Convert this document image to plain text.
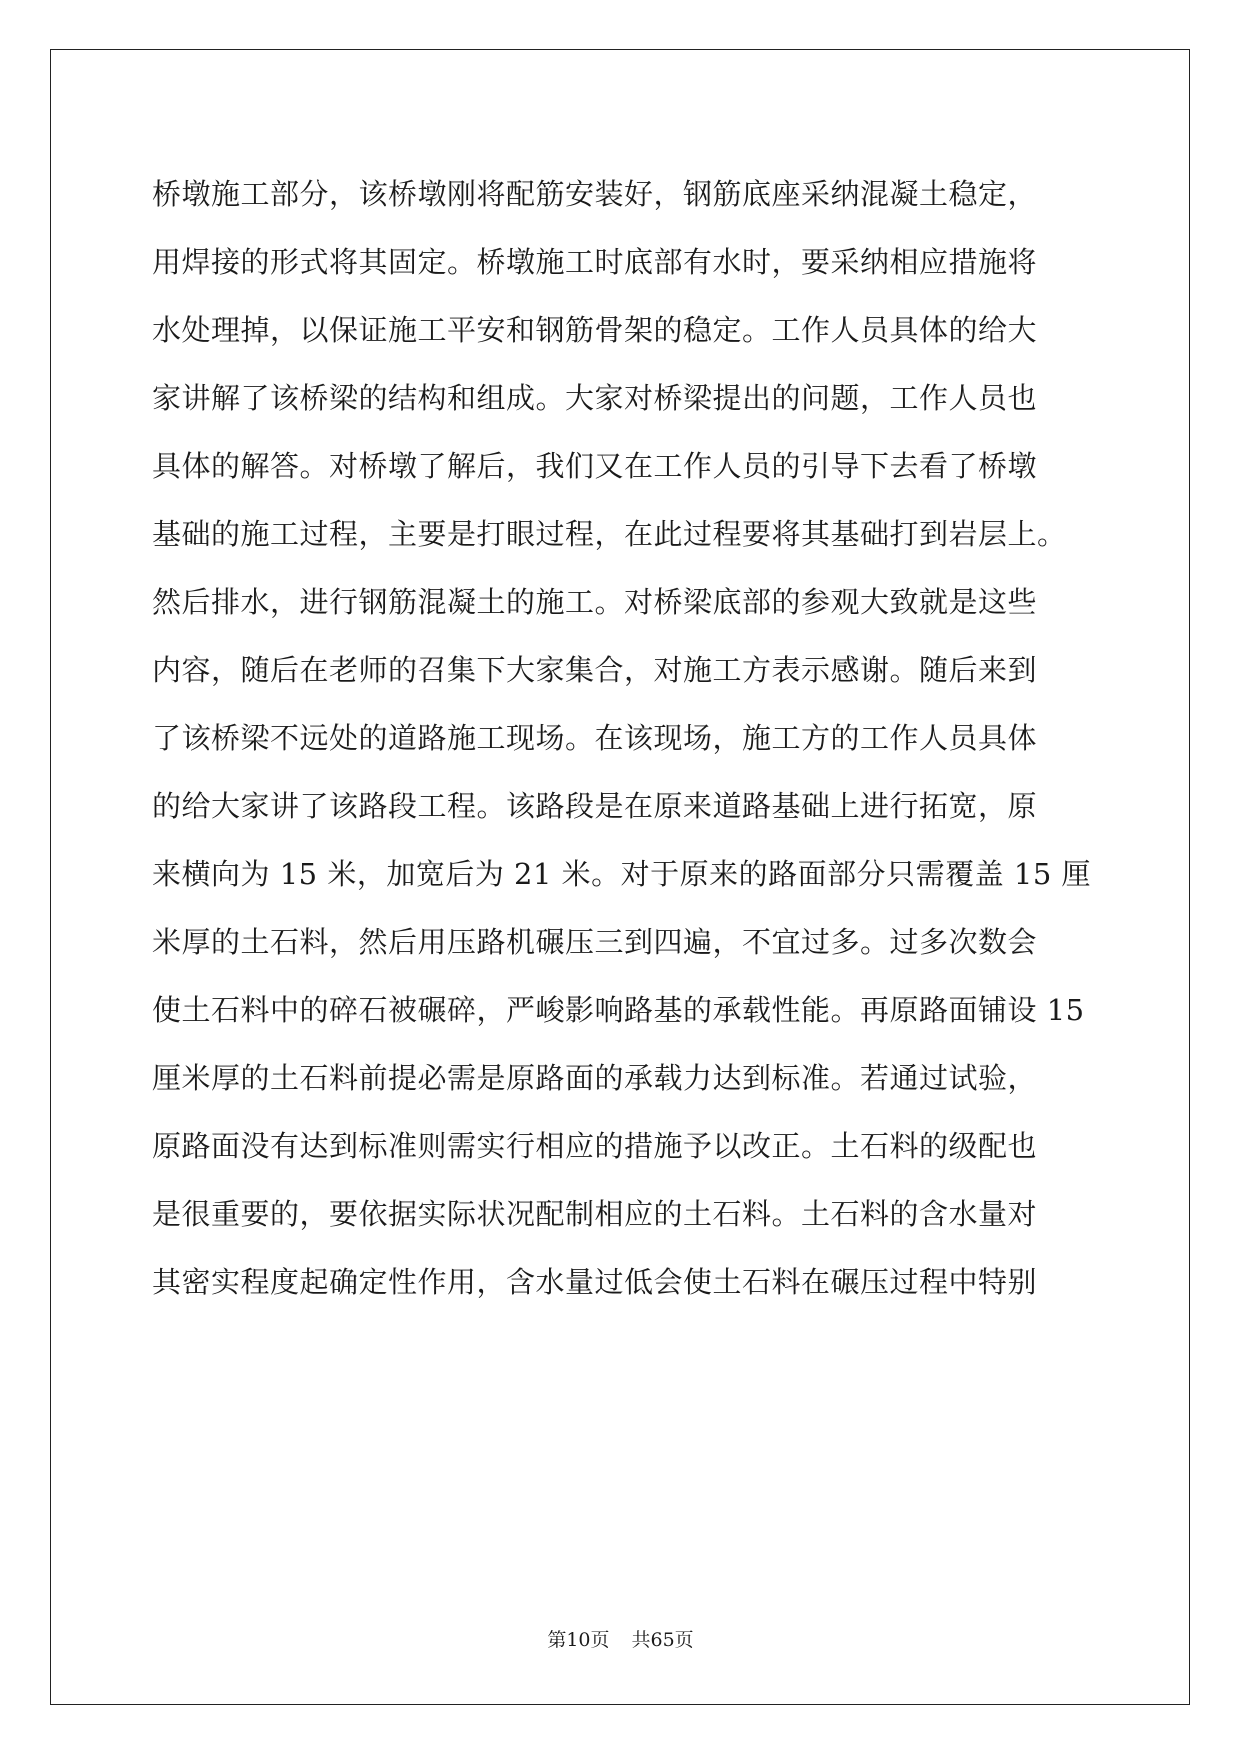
桥墩施工部分，该桥墩刚将配筋安装好，钢筋底座采纳混凝土稳定，
用焊接的形式将其固定。桥墩施工时底部有水时，要采纳相应措施将
水处理掉，以保证施工平安和钢筋骨架的稳定。工作人员具体的给大
家讲解了该桥梁的结构和组成。大家对桥梁提出的问题，工作人员也
具体的解答。对桥墩了解后，我们又在工作人员的引导下去看了桥墩
基础的施工过程，主要是打眼过程，在此过程要将其基础打到岩层上。
然后排水，进行钢筋混凝土的施工。对桥梁底部的参观大致就是这些
内容，随后在老师的召集下大家集合，对施工方表示感谢。随后来到
了该桥梁不远处的道路施工现场。在该现场，施工方的工作人员具体
的给大家讲了该路段工程。该路段是在原来道路基础上进行拓宽，原
来横向为 15 米，加宽后为 21 米。对于原来的路面部分只需覆盖 15 厘
米厚的土石料，然后用压路机碾压三到四遍，不宜过多。过多次数会
使土石料中的碎石被碾碎，严峻影响路基的承载性能。再原路面铺设 15
厘米厚的土石料前提必需是原路面的承载力达到标准。若通过试验，
原路面没有达到标准则需实行相应的措施予以改正。土石料的级配也
是很重要的，要依据实际状况配制相应的土石料。土石料的含水量对
其密实程度起确定性作用，含水量过低会使土石料在碾压过程中特别
第10页 共65页
